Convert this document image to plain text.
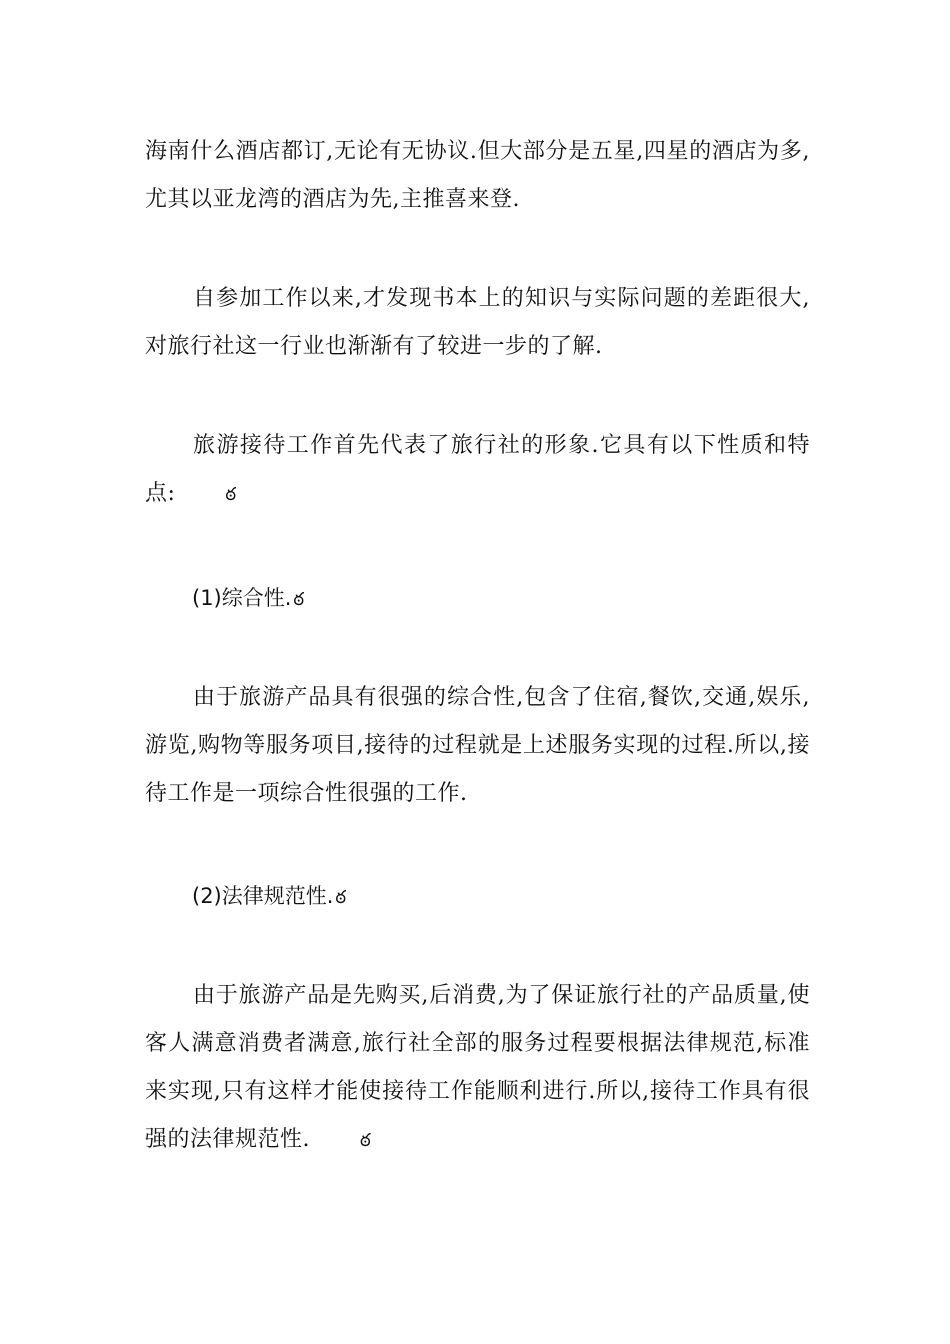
海南什么酒店都订,无论有无协议.但大部分是五星,四星的酒店为多,尤其以亚龙湾的酒店为先,主推喜来登.

自参加工作以来,才发现书本上的知识与实际问题的差距很大,对旅行社这一行业也渐渐有了较进一步的了解.

旅游接待工作首先代表了旅行社的形象.它具有以下性质和特点:	ఠ

(1)综合性. ఠ

由于旅游产品具有很强的综合性,包含了住宿,餐饮,交通,娱乐,游览,购物等服务项目,接待的过程就是上述服务实现的过程.所以,接待工作是一项综合性很强的工作.

(2)法律规范性. ఠ

由于旅游产品是先购买,后消费,为了保证旅行社的产品质量,使客人满意消费者满意,旅行社全部的服务过程要根据法律规范,标准来实现,只有这样才能使接待工作能顺利进行.所以,接待工作具有很强的法律规范性.	ఠ
